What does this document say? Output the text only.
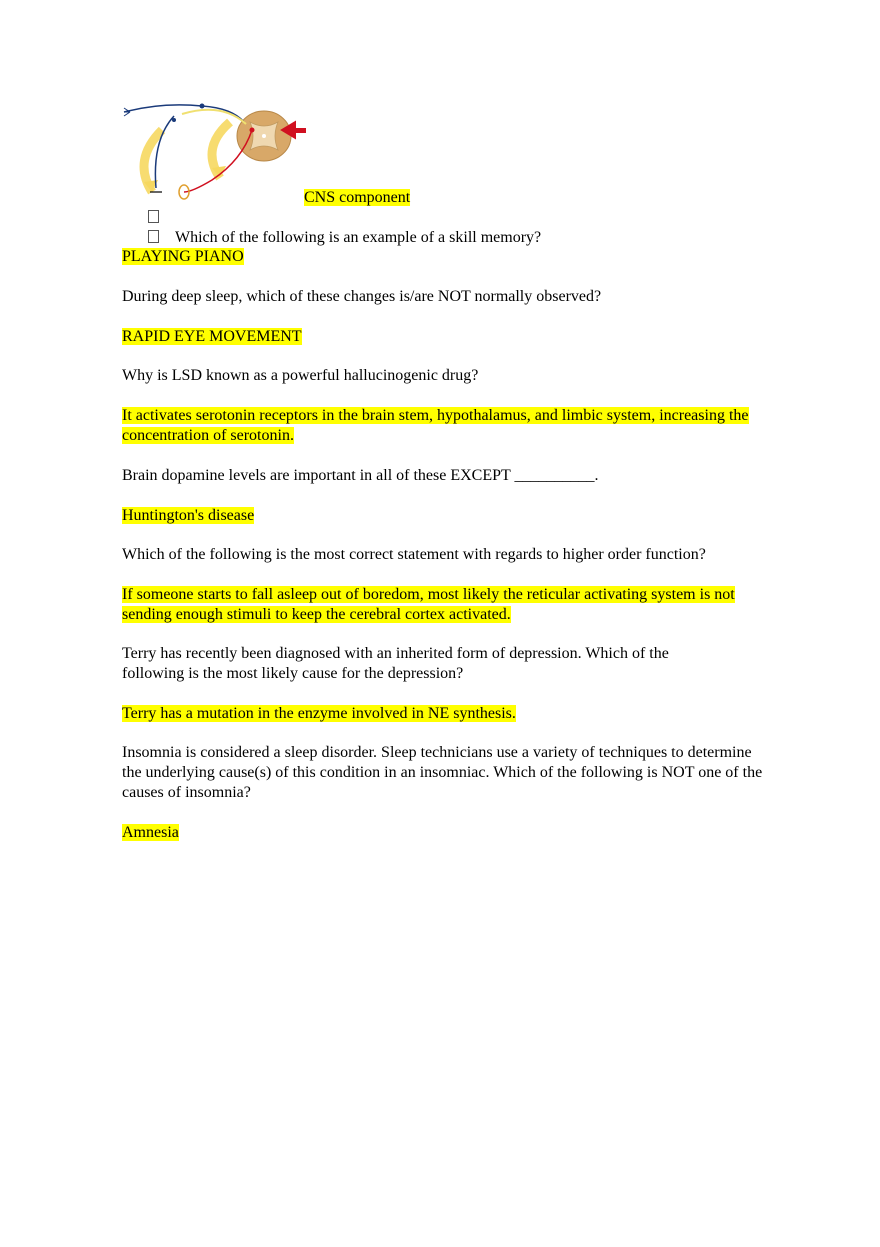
CNS component
Which of the following is an example of a skill memory?
PLAYING PIANO
During deep sleep, which of these changes is/are NOT normally observed?
RAPID EYE MOVEMENT
Why is LSD known as a powerful hallucinogenic drug?
It activates serotonin receptors in the brain stem, hypothalamus, and limbic system, increasing the concentration of serotonin.
Brain dopamine levels are important in all of these EXCEPT __________.
Huntington's disease
Which of the following is the most correct statement with regards to higher order function?
If someone starts to fall asleep out of boredom, most likely the reticular activating system is not sending enough stimuli to keep the cerebral cortex activated.
Terry has recently been diagnosed with an inherited form of depression. Which of the following is the most likely cause for the depression?
Terry has a mutation in the enzyme involved in NE synthesis.
Insomnia is considered a sleep disorder. Sleep technicians use a variety of techniques to determine the underlying cause(s) of this condition in an insomniac. Which of the following is NOT one of the causes of insomnia?
Amnesia
